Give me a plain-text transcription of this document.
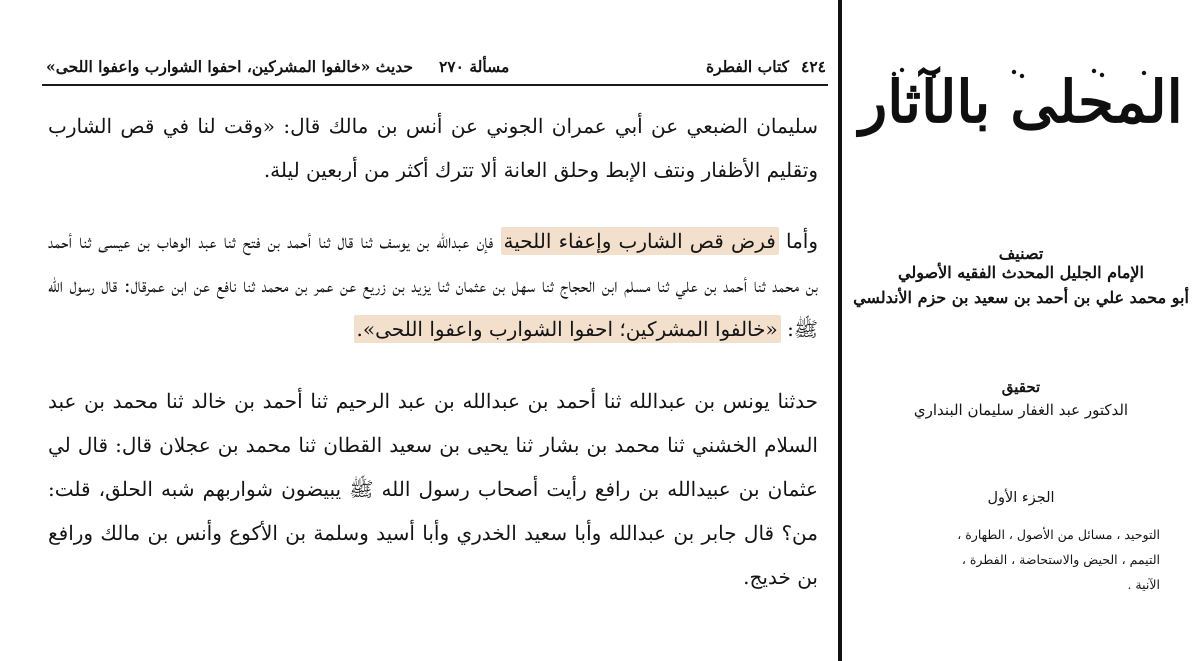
٤٢٤
كتاب الفطرة
مسألة ٢٧٠
حديث «خالفوا المشركين، احفوا الشوارب واعفوا اللحى»

سليمان الضبعي عن أبي عمران الجوني عن أنس بن مالك قال: «وقت لنا في قص الشارب وتقليم الأظفار ونتف الإبط وحلق العانة ألا تترك أكثر من أربعين ليلة.

وأما فرض قص الشارب وإعفاء اللحية فإن عبدالله بن يوسف ثنا قال ثنا أحمد بن فتح ثنا عبد الوهاب بن عيسى ثنا أحمد بن محمد ثنا أحمد بن علي ثنا مسلم ابن الحجاج ثنا سهل بن عثمان ثنا يزيد بن زريع عن عمر بن محمد ثنا نافع عن ابن عمرقال: قال رسول الله ﷺ: «خالفوا المشركين؛ احفوا الشوارب واعفوا اللحى».

حدثنا يونس بن عبدالله ثنا أحمد بن عبدالله بن عبد الرحيم ثنا أحمد بن خالد ثنا محمد بن عبد السلام الخشني ثنا محمد بن بشار ثنا يحيى بن سعيد القطان ثنا محمد بن عجلان قال: قال لي عثمان بن عبيدالله بن رافع رأيت أصحاب رسول الله ﷺ يبيضون شواربهم شبه الحلق، قلت: من؟ قال جابر بن عبدالله وأبا سعيد الخدري وأبا أسيد وسلمة بن الأكوع وأنس بن مالك ورافع بن خديج.

المحلى بالآثار
تصنيف
الإمام الجليل المحدث الفقيه الأصولي
أبو محمد علي بن أحمد بن سعيد بن حزم الأندلسي
تحقيق
الدكتور عبد الغفار سليمان البنداري
الجزء الأول
التوحيد ، مسائل من الأصول ، الطهارة ،
التيمم ، الحيض والاستحاضة ، الفطرة ،
الآنية .
